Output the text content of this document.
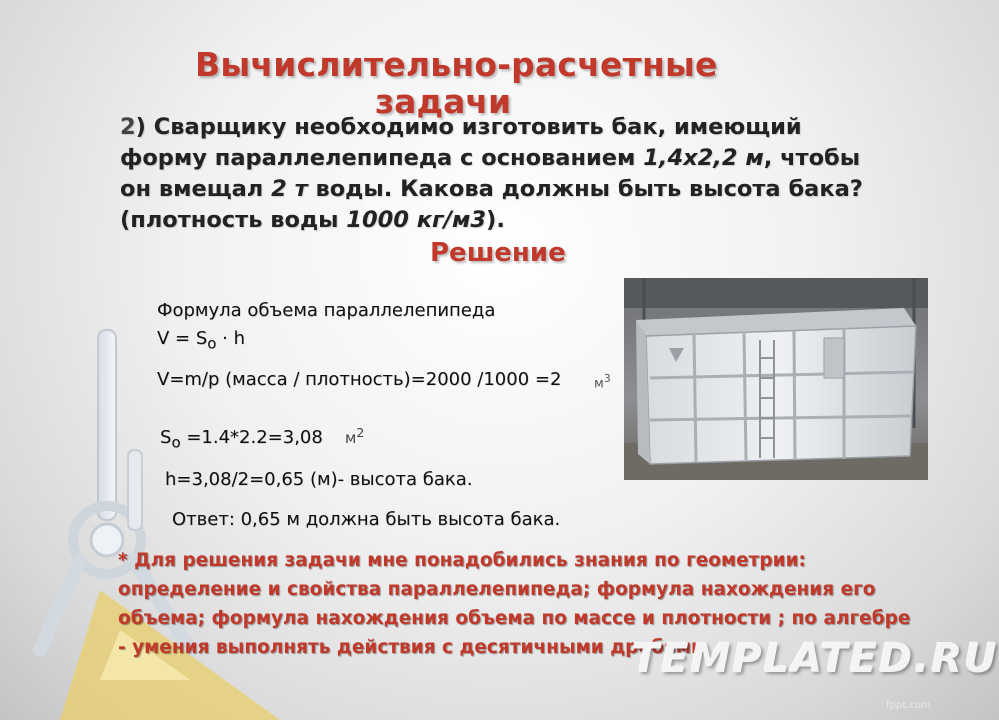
Вычислительно-расчетные
задачи
2) Сварщику необходимо изготовить бак, имеющий форму параллелепипеда с основанием 1,4х2,2 м, чтобы он вмещал 2 т воды. Какова должны быть высота бака? (плотность воды 1000 кг/м3).
Решение
Формула объема параллелепипеда
$V = S_o \cdot h$
V=m/p (масса / плотность)=2000 /1000 =2	$м^3$
$S_o =1.4*2.2=3,08$ $м^2$
h=3,08/2=0,65 (м)- высота бака.
Ответ: 0,65 м должна быть высота бака.
* Для решения задачи мне понадобились знания по геометрии: определение и свойства параллелепипеда; формула нахождения его объема; формула нахождения объема по массе и плотности ; по алгебре - умения выполнять действия с десятичными дробями
TEMPLATED.RU
fppt.com
